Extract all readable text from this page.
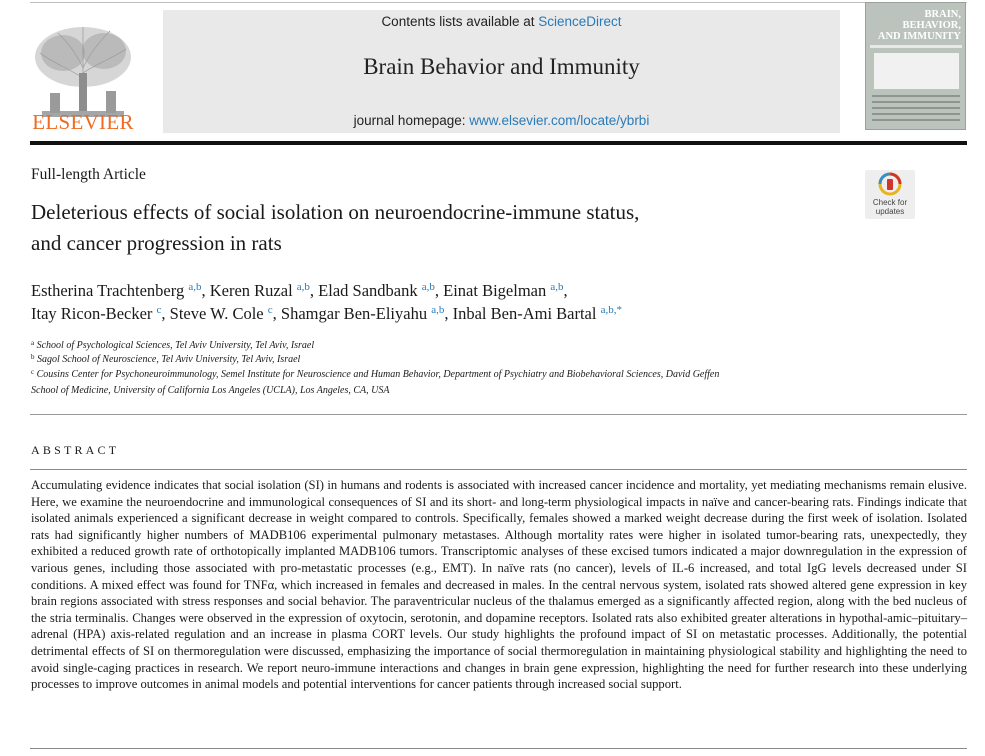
ELSEVIER
Contents lists available at ScienceDirect
Brain Behavior and Immunity
journal homepage: www.elsevier.com/locate/ybrbi
BRAIN,
BEHAVIOR,
AND IMMUNITY
Full-length Article
Check for
updates
Deleterious effects of social isolation on neuroendocrine-immune status,
and cancer progression in rats
Estherina Trachtenberg $^{a,b}$, Keren Ruzal $^{a,b}$, Elad Sandbank $^{a,b}$, Einat Bigelman $^{a,b}$,
Itay Ricon-Becker $^c$, Steve W. Cole $^c$, Shamgar Ben-Eliyahu $^{a,b}$, Inbal Ben-Ami Bartal $^{a,b,*}$
$^a$ School of Psychological Sciences, Tel Aviv University, Tel Aviv, Israel
$^b$ Sagol School of Neuroscience, Tel Aviv University, Tel Aviv, Israel
$^c$ Cousins Center for Psychoneuroimmunology, Semel Institute for Neuroscience and Human Behavior, Department of Psychiatry and Biobehavioral Sciences, David Geffen
School of Medicine, University of California Los Angeles (UCLA), Los Angeles, CA, USA
ABSTRACT

Accumulating evidence indicates that social isolation (SI) in humans and rodents is associated with increased cancer incidence and mortality, yet mediating mechanisms remain elusive. Here, we examine the neuroendocrine and immunological consequences of SI and its short- and long-term physiological impacts in naïve and cancer-bearing rats. Findings indicate that isolated animals experienced a significant decrease in weight compared to controls. Specifically, females showed a marked weight decrease during the first week of isolation. Isolated rats had significantly higher numbers of MADB106 experimental pulmonary metastases. Although mortality rates were higher in isolated tumor-bearing rats, unexpectedly, they exhibited a reduced growth rate of orthotopically implanted MADB106 tumors. Transcriptomic analyses of these excised tumors indicated a major downregulation in the expression of various genes, including those associated with pro-metastatic processes (e.g., EMT). In naïve rats (no cancer), levels of IL-6 increased, and total IgG levels decreased under SI conditions. A mixed effect was found for TNFα, which increased in females and decreased in males. In the central nervous system, isolated rats showed altered gene expression in key brain regions associated with stress responses and social behavior. The paraventricular nucleus of the thalamus emerged as a significantly affected region, along with the bed nucleus of the stria terminalis. Changes were observed in the expression of oxytocin, serotonin, and dopamine receptors. Isolated rats also exhibited greater alterations in hypothal-amic–pituitary–adrenal (HPA) axis-related regulation and an increase in plasma CORT levels. Our study highlights the profound impact of SI on metastatic processes. Additionally, the potential detrimental effects of SI on thermoregulation were discussed, emphasizing the importance of social thermoregulation in maintaining physiological stability and highlighting the need to avoid single-caging practices in research. We report neuro-immune interactions and changes in brain gene expression, highlighting the need for further research into these underlying processes to improve outcomes in animal models and potential interventions for cancer patients through increased social support.
